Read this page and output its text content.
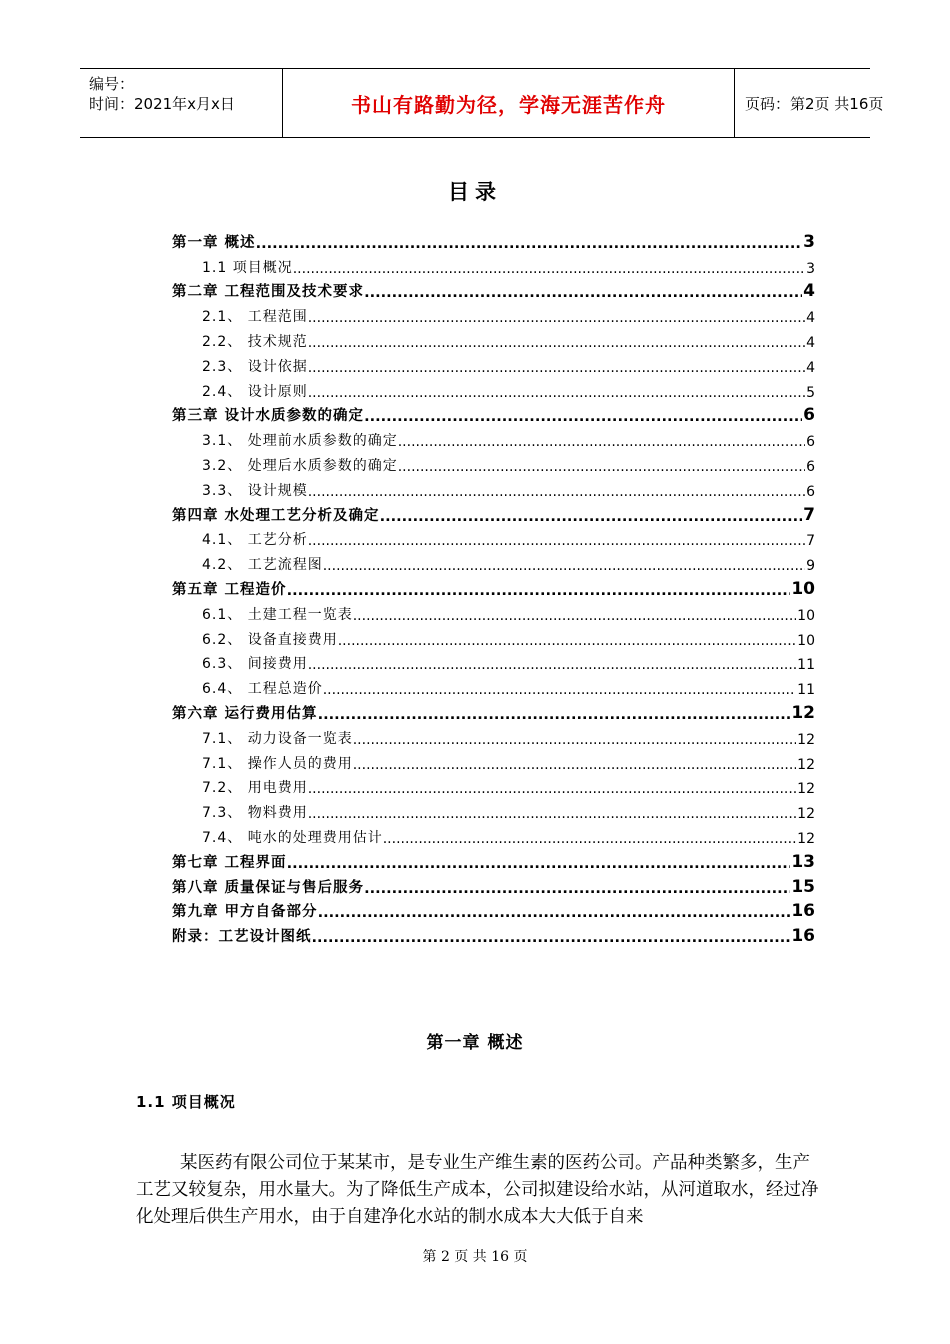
编号：
时间：2021年x月x日	书山有路勤为径，学海无涯苦作舟	页码：第2页 共16页
目录
第一章 概述 .....	3
1.1 项目概况 .....	3
第二章 工程范围及技术要求 .....	4
2.1、 工程范围 .....	4
2.2、 技术规范 .....	4
2.3、 设计依据 .....	4
2.4、 设计原则 .....	5
第三章 设计水质参数的确定 .....	6
3.1、 处理前水质参数的确定 .....	6
3.2、 处理后水质参数的确定 .....	6
3.3、 设计规模 .....	6
第四章 水处理工艺分析及确定 .....	7
4.1、 工艺分析 .....	7
4.2、 工艺流程图 .....	9
第五章 工程造价 .....	10
6.1、 土建工程一览表 .....	10
6.2、 设备直接费用 .....	10
6.3、 间接费用 .....	11
6.4、 工程总造价 .....	11
第六章 运行费用估算 .....	12
7.1、 动力设备一览表 .....	12
7.1、 操作人员的费用 .....	12
7.2、 用电费用 .....	12
7.3、 物料费用 .....	12
7.4、 吨水的处理费用估计 .....	12
第七章 工程界面 .....	13
第八章 质量保证与售后服务 .....	15
第九章 甲方自备部分 .....	16
附录：工艺设计图纸 .....	16
第一章 概述
1.1 项目概况

某医药有限公司位于某某市，是专业生产维生素的医药公司。产品种类繁多，生产工艺又较复杂，用水量大。为了降低生产成本，公司拟建设给水站，从河道取水，经过净化处理后供生产用水，由于自建净化水站的制水成本大大低于自来

第 2 页 共 16 页
